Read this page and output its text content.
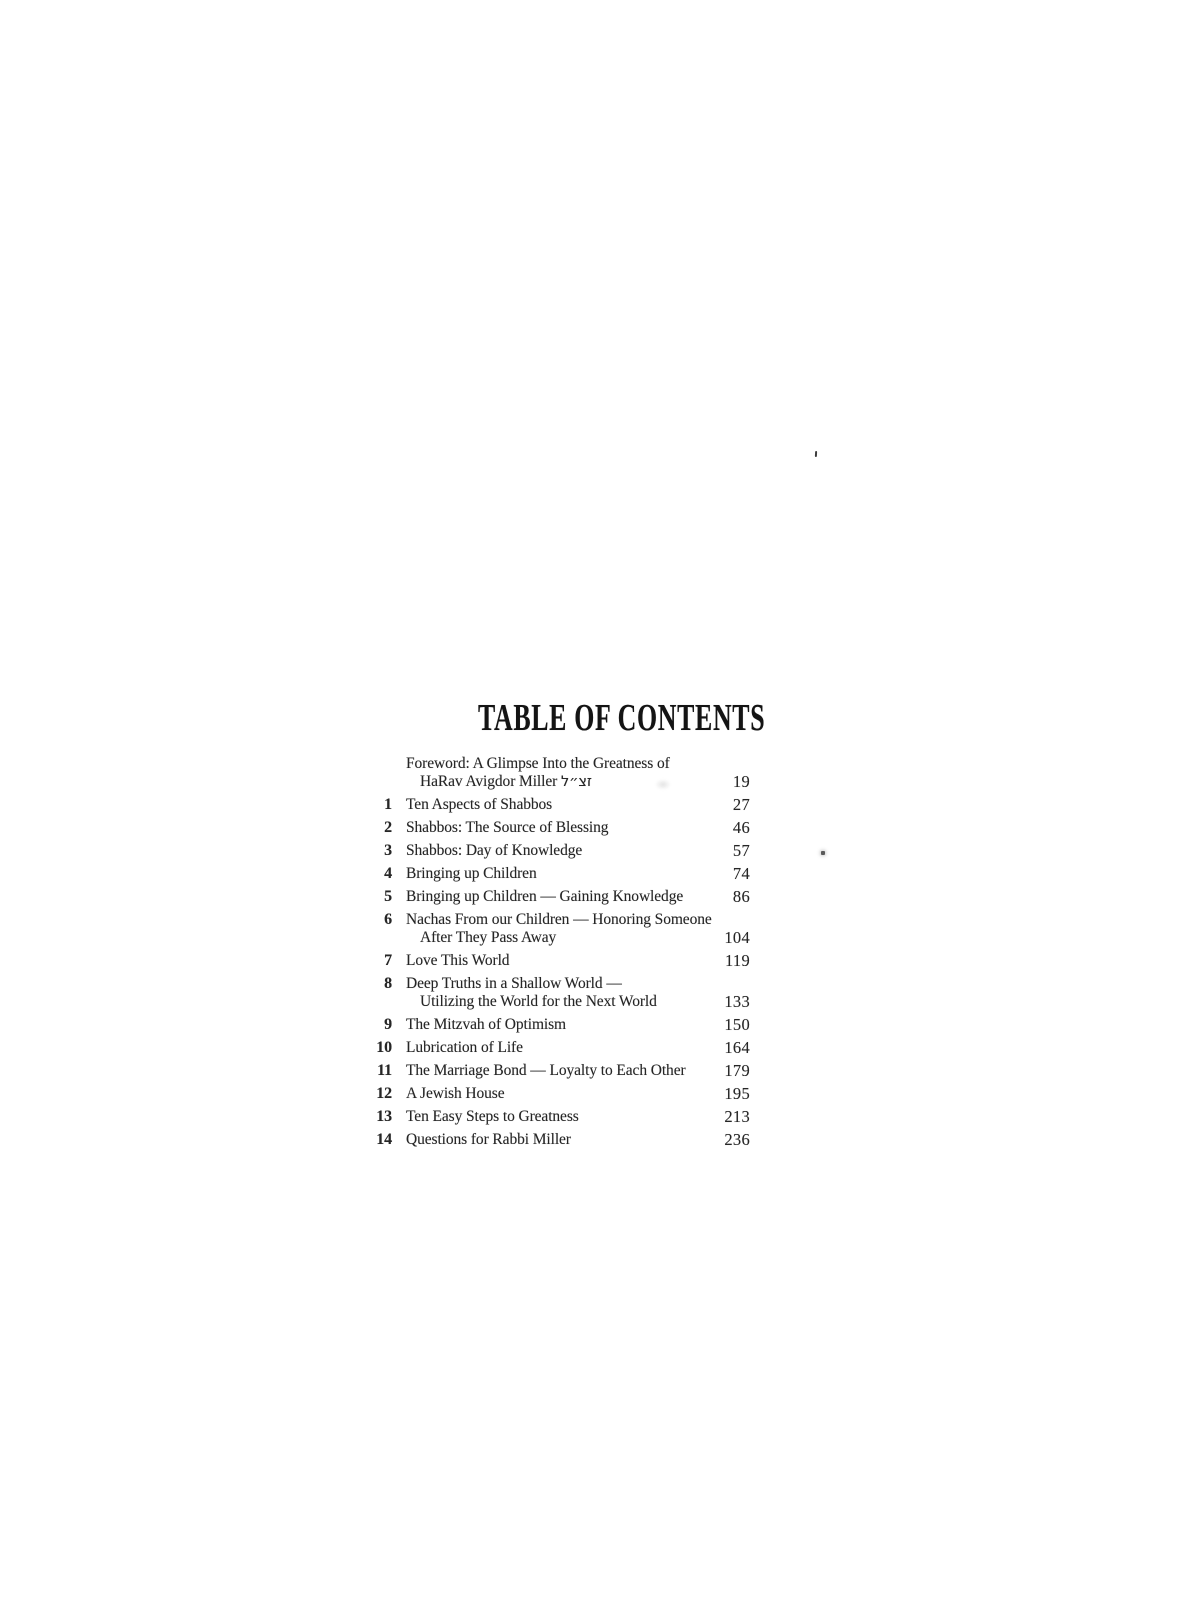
TABLE OF CONTENTS
Foreword: A Glimpse Into the Greatness of
HaRav Avigdor Miller זצ״ל	19
1 Ten Aspects of Shabbos	27
2 Shabbos: The Source of Blessing	46
3 Shabbos: Day of Knowledge	57
4 Bringing up Children	74
5 Bringing up Children — Gaining Knowledge	86
6 Nachas From our Children — Honoring Someone
After They Pass Away	104
7 Love This World	119
8 Deep Truths in a Shallow World —
Utilizing the World for the Next World	133
9 The Mitzvah of Optimism	150
10 Lubrication of Life	164
11 The Marriage Bond — Loyalty to Each Other	179
12 A Jewish House	195
13 Ten Easy Steps to Greatness	213
14 Questions for Rabbi Miller	236
